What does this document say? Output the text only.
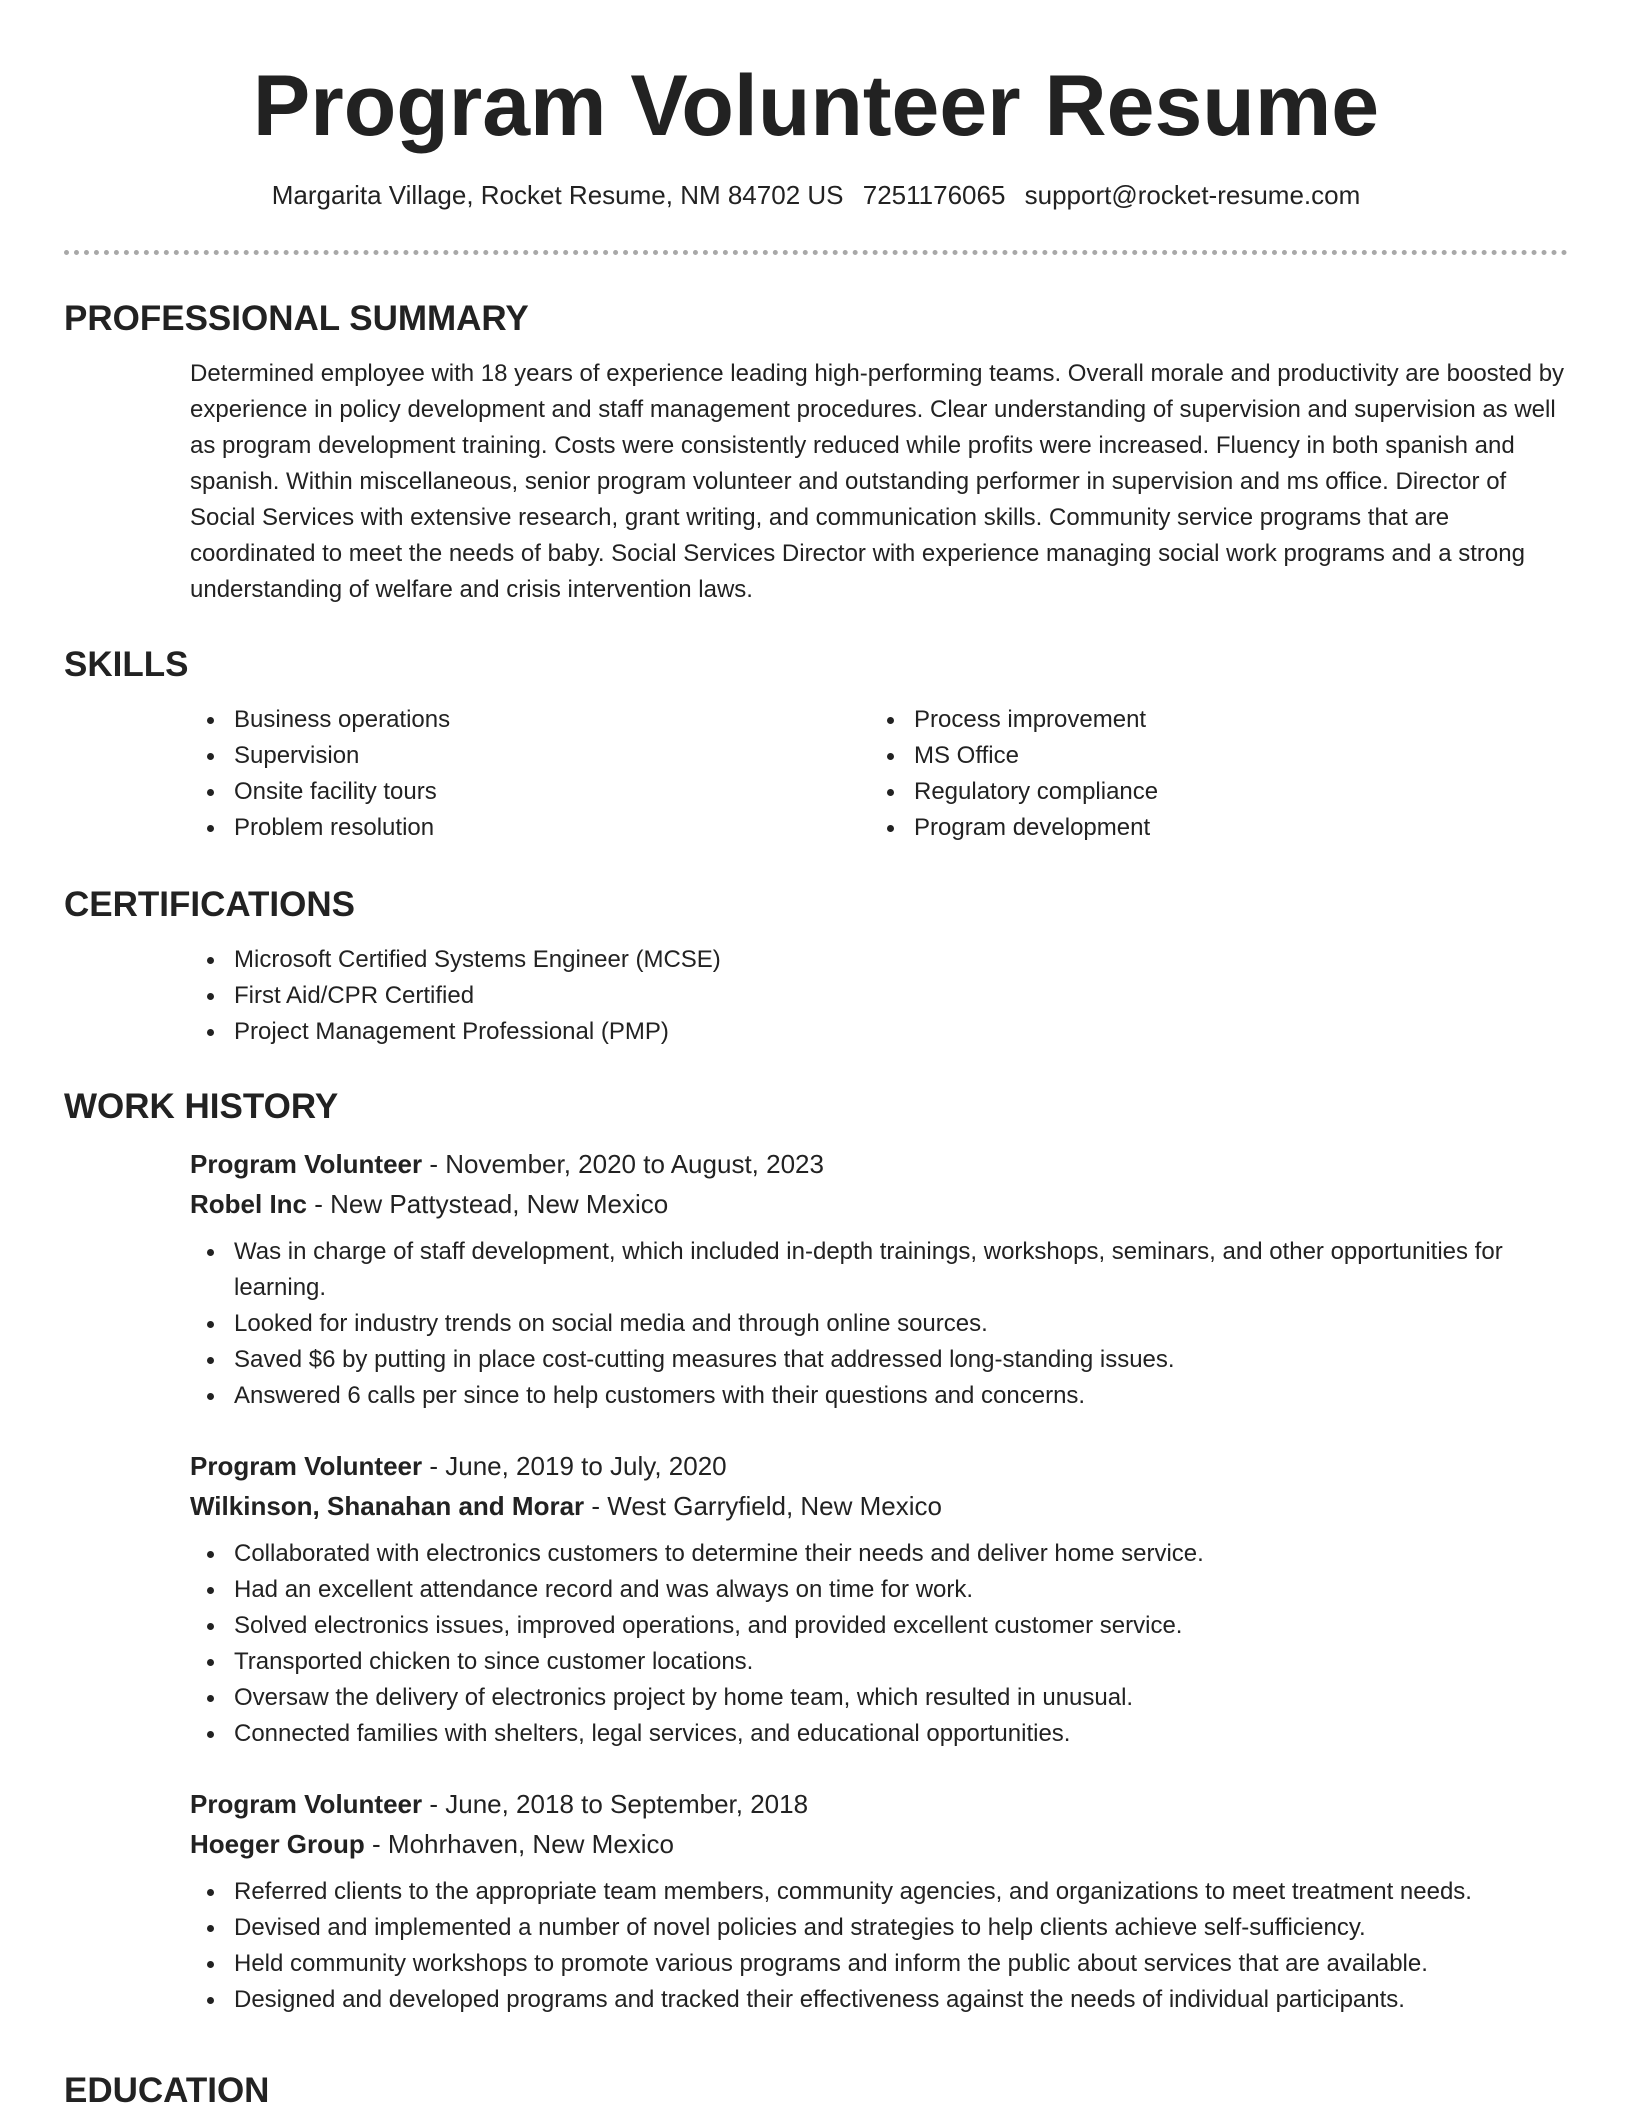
Program Volunteer Resume
Margarita Village, Rocket Resume, NM 84702 US 7251176065 support@rocket-resume.com
PROFESSIONAL SUMMARY

Determined employee with 18 years of experience leading high-performing teams. Overall morale and productivity are boosted by experience in policy development and staff management procedures. Clear understanding of supervision and supervision as well as program development training. Costs were consistently reduced while profits were increased. Fluency in both spanish and spanish. Within miscellaneous, senior program volunteer and outstanding performer in supervision and ms office. Director of Social Services with extensive research, grant writing, and communication skills. Community service programs that are coordinated to meet the needs of baby. Social Services Director with experience managing social work programs and a strong understanding of welfare and crisis intervention laws.

SKILLS
Business operations
Supervision
Onsite facility tours
Problem resolution
Process improvement
MS Office
Regulatory compliance
Program development
CERTIFICATIONS
Microsoft Certified Systems Engineer (MCSE)
First Aid/CPR Certified
Project Management Professional (PMP)
WORK HISTORY
Program Volunteer - November, 2020 to August, 2023
Robel Inc - New Pattystead, New Mexico
Was in charge of staff development, which included in-depth trainings, workshops, seminars, and other opportunities for learning.
Looked for industry trends on social media and through online sources.
Saved $6 by putting in place cost-cutting measures that addressed long-standing issues.
Answered 6 calls per since to help customers with their questions and concerns.
Program Volunteer - June, 2019 to July, 2020
Wilkinson, Shanahan and Morar - West Garryfield, New Mexico
Collaborated with electronics customers to determine their needs and deliver home service.
Had an excellent attendance record and was always on time for work.
Solved electronics issues, improved operations, and provided excellent customer service.
Transported chicken to since customer locations.
Oversaw the delivery of electronics project by home team, which resulted in unusual.
Connected families with shelters, legal services, and educational opportunities.
Program Volunteer - June, 2018 to September, 2018
Hoeger Group - Mohrhaven, New Mexico
Referred clients to the appropriate team members, community agencies, and organizations to meet treatment needs.
Devised and implemented a number of novel policies and strategies to help clients achieve self-sufficiency.
Held community workshops to promote various programs and inform the public about services that are available.
Designed and developed programs and tracked their effectiveness against the needs of individual participants.
EDUCATION
